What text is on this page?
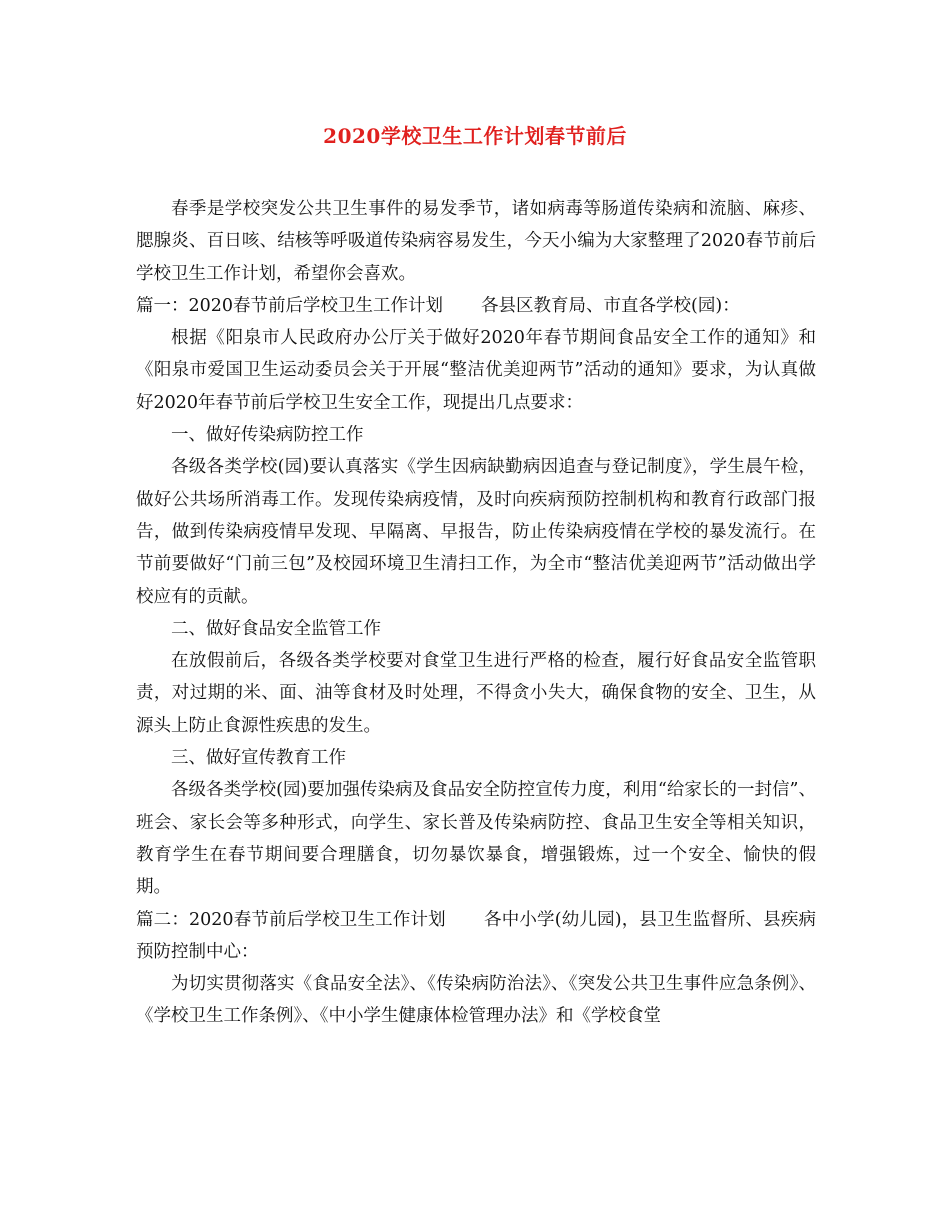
2020学校卫生工作计划春节前后

春季是学校突发公共卫生事件的易发季节，诸如病毒等肠道传染病和流脑、麻疹、腮腺炎、百日咳、结核等呼吸道传染病容易发生，今天小编为大家整理了2020春节前后学校卫生工作计划，希望你会喜欢。

篇一：2020春节前后学校卫生工作计划 各县区教育局、市直各学校(园)：

根据《阳泉市人民政府办公厅关于做好2020年春节期间食品安全工作的通知》和《阳泉市爱国卫生运动委员会关于开展“整洁优美迎两节”活动的通知》要求，为认真做好2020年春节前后学校卫生安全工作，现提出几点要求：

一、做好传染病防控工作

各级各类学校(园)要认真落实《学生因病缺勤病因追查与登记制度》，学生晨午检，做好公共场所消毒工作。发现传染病疫情，及时向疾病预防控制机构和教育行政部门报告，做到传染病疫情早发现、早隔离、早报告，防止传染病疫情在学校的暴发流行。在节前要做好“门前三包”及校园环境卫生清扫工作，为全市“整洁优美迎两节”活动做出学校应有的贡献。

二、做好食品安全监管工作

在放假前后，各级各类学校要对食堂卫生进行严格的检查，履行好食品安全监管职责，对过期的米、面、油等食材及时处理，不得贪小失大，确保食物的安全、卫生，从源头上防止食源性疾患的发生。

三、做好宣传教育工作

各级各类学校(园)要加强传染病及食品安全防控宣传力度，利用“给家长的一封信”、班会、家长会等多种形式，向学生、家长普及传染病防控、食品卫生安全等相关知识，教育学生在春节期间要合理膳食，切勿暴饮暴食，增强锻炼，过一个安全、愉快的假期。

篇二：2020春节前后学校卫生工作计划 各中小学(幼儿园)，县卫生监督所、县疾病预防控制中心：

为切实贯彻落实《食品安全法》、《传染病防治法》、《突发公共卫生事件应急条例》、《学校卫生工作条例》、《中小学生健康体检管理办法》和《学校食堂
